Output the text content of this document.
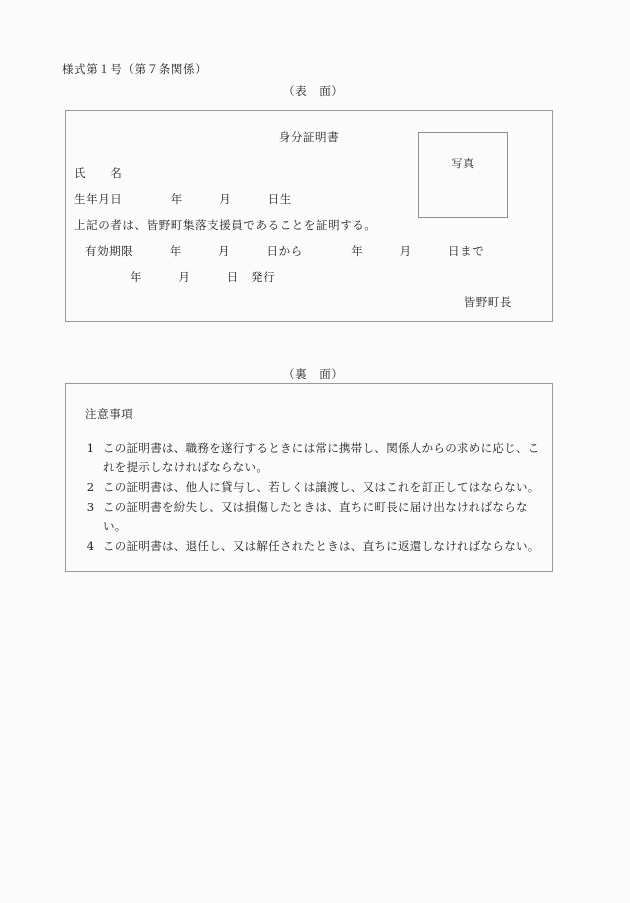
様式第１号（第７条関係）
（表　面）
身分証明書
写真
氏　　名
生年月日　　　　年　　　月　　　日生
上記の者は、皆野町集落支援員であることを証明する。
有効期限　　　年　　　月　　　日から　　　　年　　　月　　　日まで
年　　　月　　　日　発行
皆野町長
（裏　面）
注意事項
1 この証明書は、職務を遂行するときには常に携帯し、関係人からの求めに応じ、これを提示しなければならない。
2 この証明書は、他人に貸与し、若しくは譲渡し、又はこれを訂正してはならない。
3 この証明書を紛失し、又は損傷したときは、直ちに町長に届け出なければならない。
4 この証明書は、退任し、又は解任されたときは、直ちに返還しなければならない。
